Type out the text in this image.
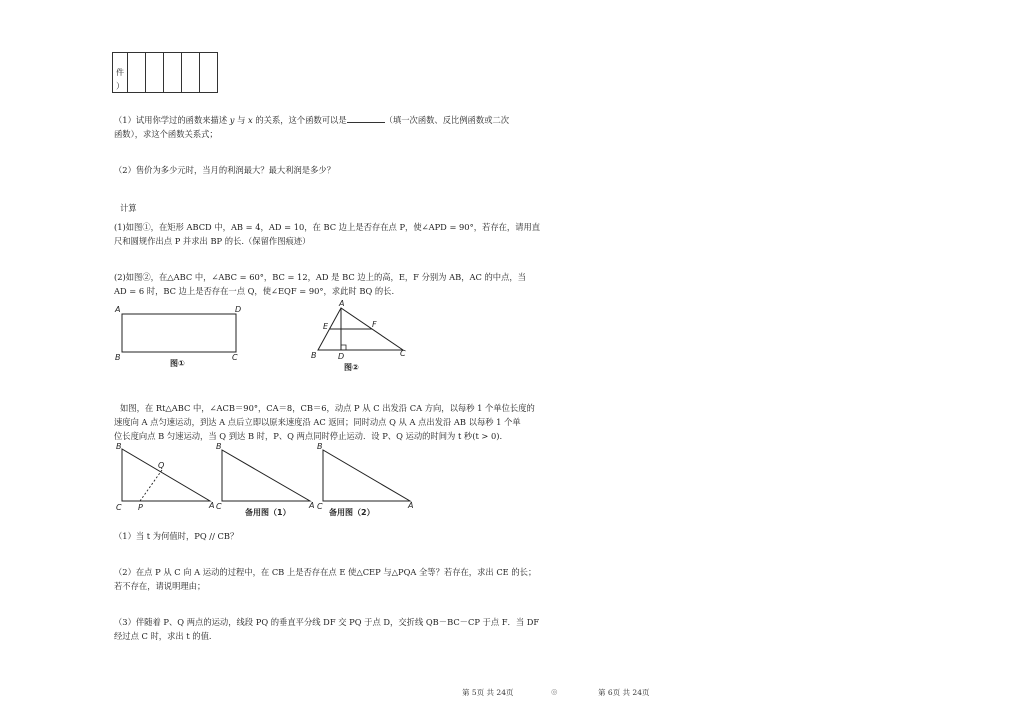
件

）
（1）试用你学过的函数来描述 y 与 x 的关系，这个函数可以是	（填一次函数、反比例函数或二次
函数），求这个函数关系式；
（2）售价为多少元时，当月的利润最大？最大利润是多少？
计算
(1)如图①，在矩形 ABCD 中，AB = 4，AD = 10，在 BC 边上是否存在点 P，使∠APD = 90°，若存在，请用直
尺和圆规作出点 P 并求出 BP 的长.（保留作图痕迹）
(2)如图②，在△ABC 中，∠ABC = 60°，BC = 12，AD 是 BC 边上的高，E，F 分别为 AB，AC 的中点，当
AD = 6 时，BC 边上是否存在一点 Q，使∠EQF = 90°，求此时 BQ 的长.
A	D
B	C
图①
A
E	F
B	D	C
图②
如图，在 Rt△ABC 中，∠ACB＝90°，CA＝8，CB＝6，动点 P 从 C 出发沿 CA 方向，以每秒 1 个单位长度的
速度向 A 点匀速运动，到达 A 点后立即以原来速度沿 AC 返回；同时动点 Q 从 A 点出发沿 AB 以每秒 1 个单
位长度向点 B 匀速运动，当 Q 到达 B 时，P、Q 两点同时停止运动．设 P、Q 运动的时间为 t 秒(t > 0).
B
Q
C P	A
B
C	A
备用图（1）
B
C	A
备用图（2）
（1）当 t 为何值时，PQ // CB？
（2）在点 P 从 C 向 A 运动的过程中，在 CB 上是否存在点 E 使△CEP 与△PQA 全等？若存在，求出 CE 的长；
若不存在，请说明理由；
（3）伴随着 P、Q 两点的运动，线段 PQ 的垂直平分线 DF 交 PQ 于点 D，交折线 QB－BC－CP 于点 F．当 DF
经过点 C 时，求出 t 的值.
第 5页 共 24页	◎	第 6页 共 24页
